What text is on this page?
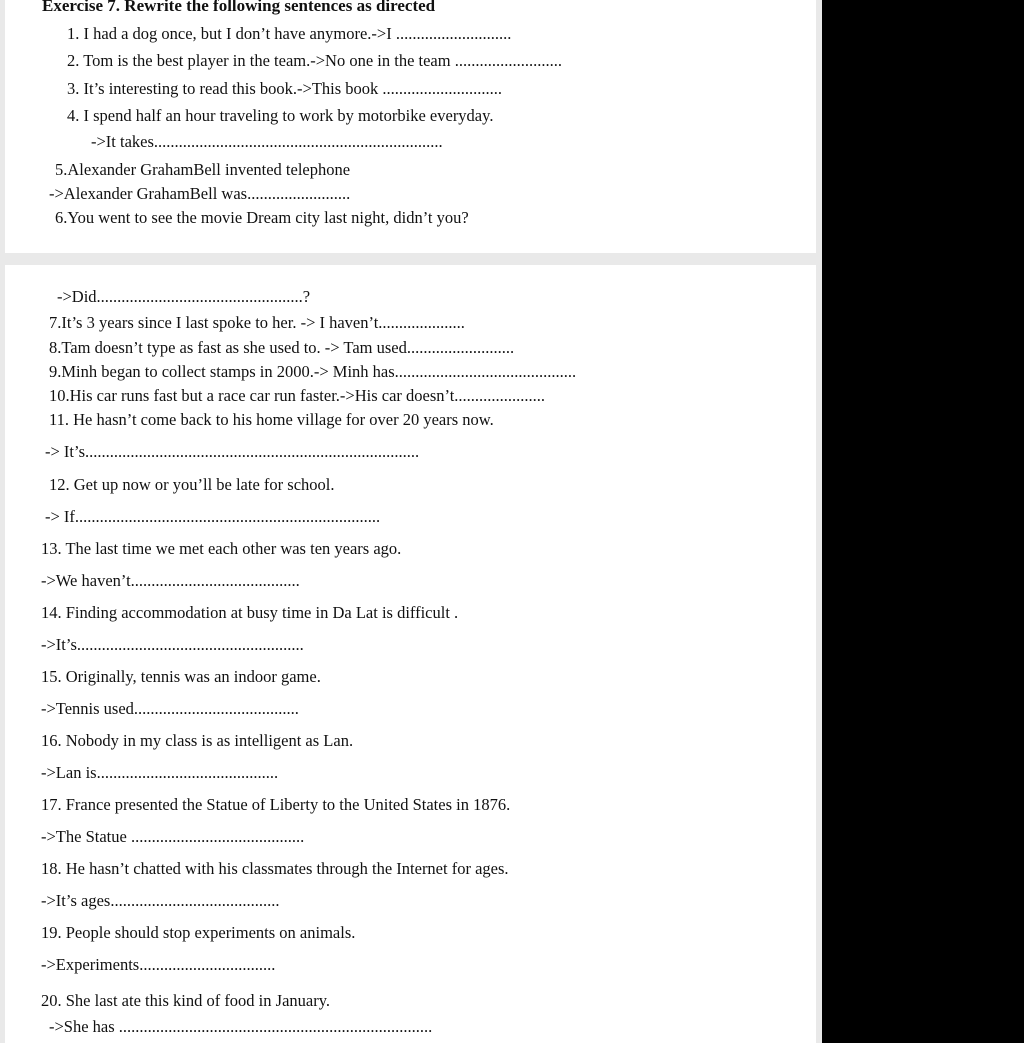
Exercise 7. Rewrite the following sentences as directed
1. I had a dog once, but I don’t have anymore.->I ............................
2. Tom is the best player in the team.->No one in the team ..........................
3. It’s interesting to read this book.->This book .............................
4. I spend half an hour traveling to work by motorbike everyday.
->It takes......................................................................
5.Alexander GrahamBell invented telephone
->Alexander GrahamBell was.........................
6.You went to see the movie Dream city last night, didn’t you?
->Did..................................................?
7.It’s 3 years since I last spoke to her. -> I haven’t.....................
8.Tam doesn’t type as fast as she used to. -> Tam used..........................
9.Minh began to collect stamps in 2000.-> Minh has............................................
10.His car runs fast but a race car run faster.->His car doesn’t......................
11. He hasn’t come back to his home village for over 20 years now.
-> It’s.................................................................................
12. Get up now or you’ll be late for school.
-> If..........................................................................
13. The last time we met each other was ten years ago.
->We haven’t.........................................
14. Finding accommodation at busy time in Da Lat is difficult .
->It’s.......................................................
15. Originally, tennis was an indoor game.
->Tennis used........................................
16. Nobody in my class is as intelligent as Lan.
->Lan is............................................
17. France presented the Statue of Liberty to the United States in 1876.
->The Statue ..........................................
18. He hasn’t chatted with his classmates through the Internet for ages.
->It’s ages.........................................
19. People should stop experiments on animals.
->Experiments.................................
20. She last ate this kind of food in January.
->She has ............................................................................
